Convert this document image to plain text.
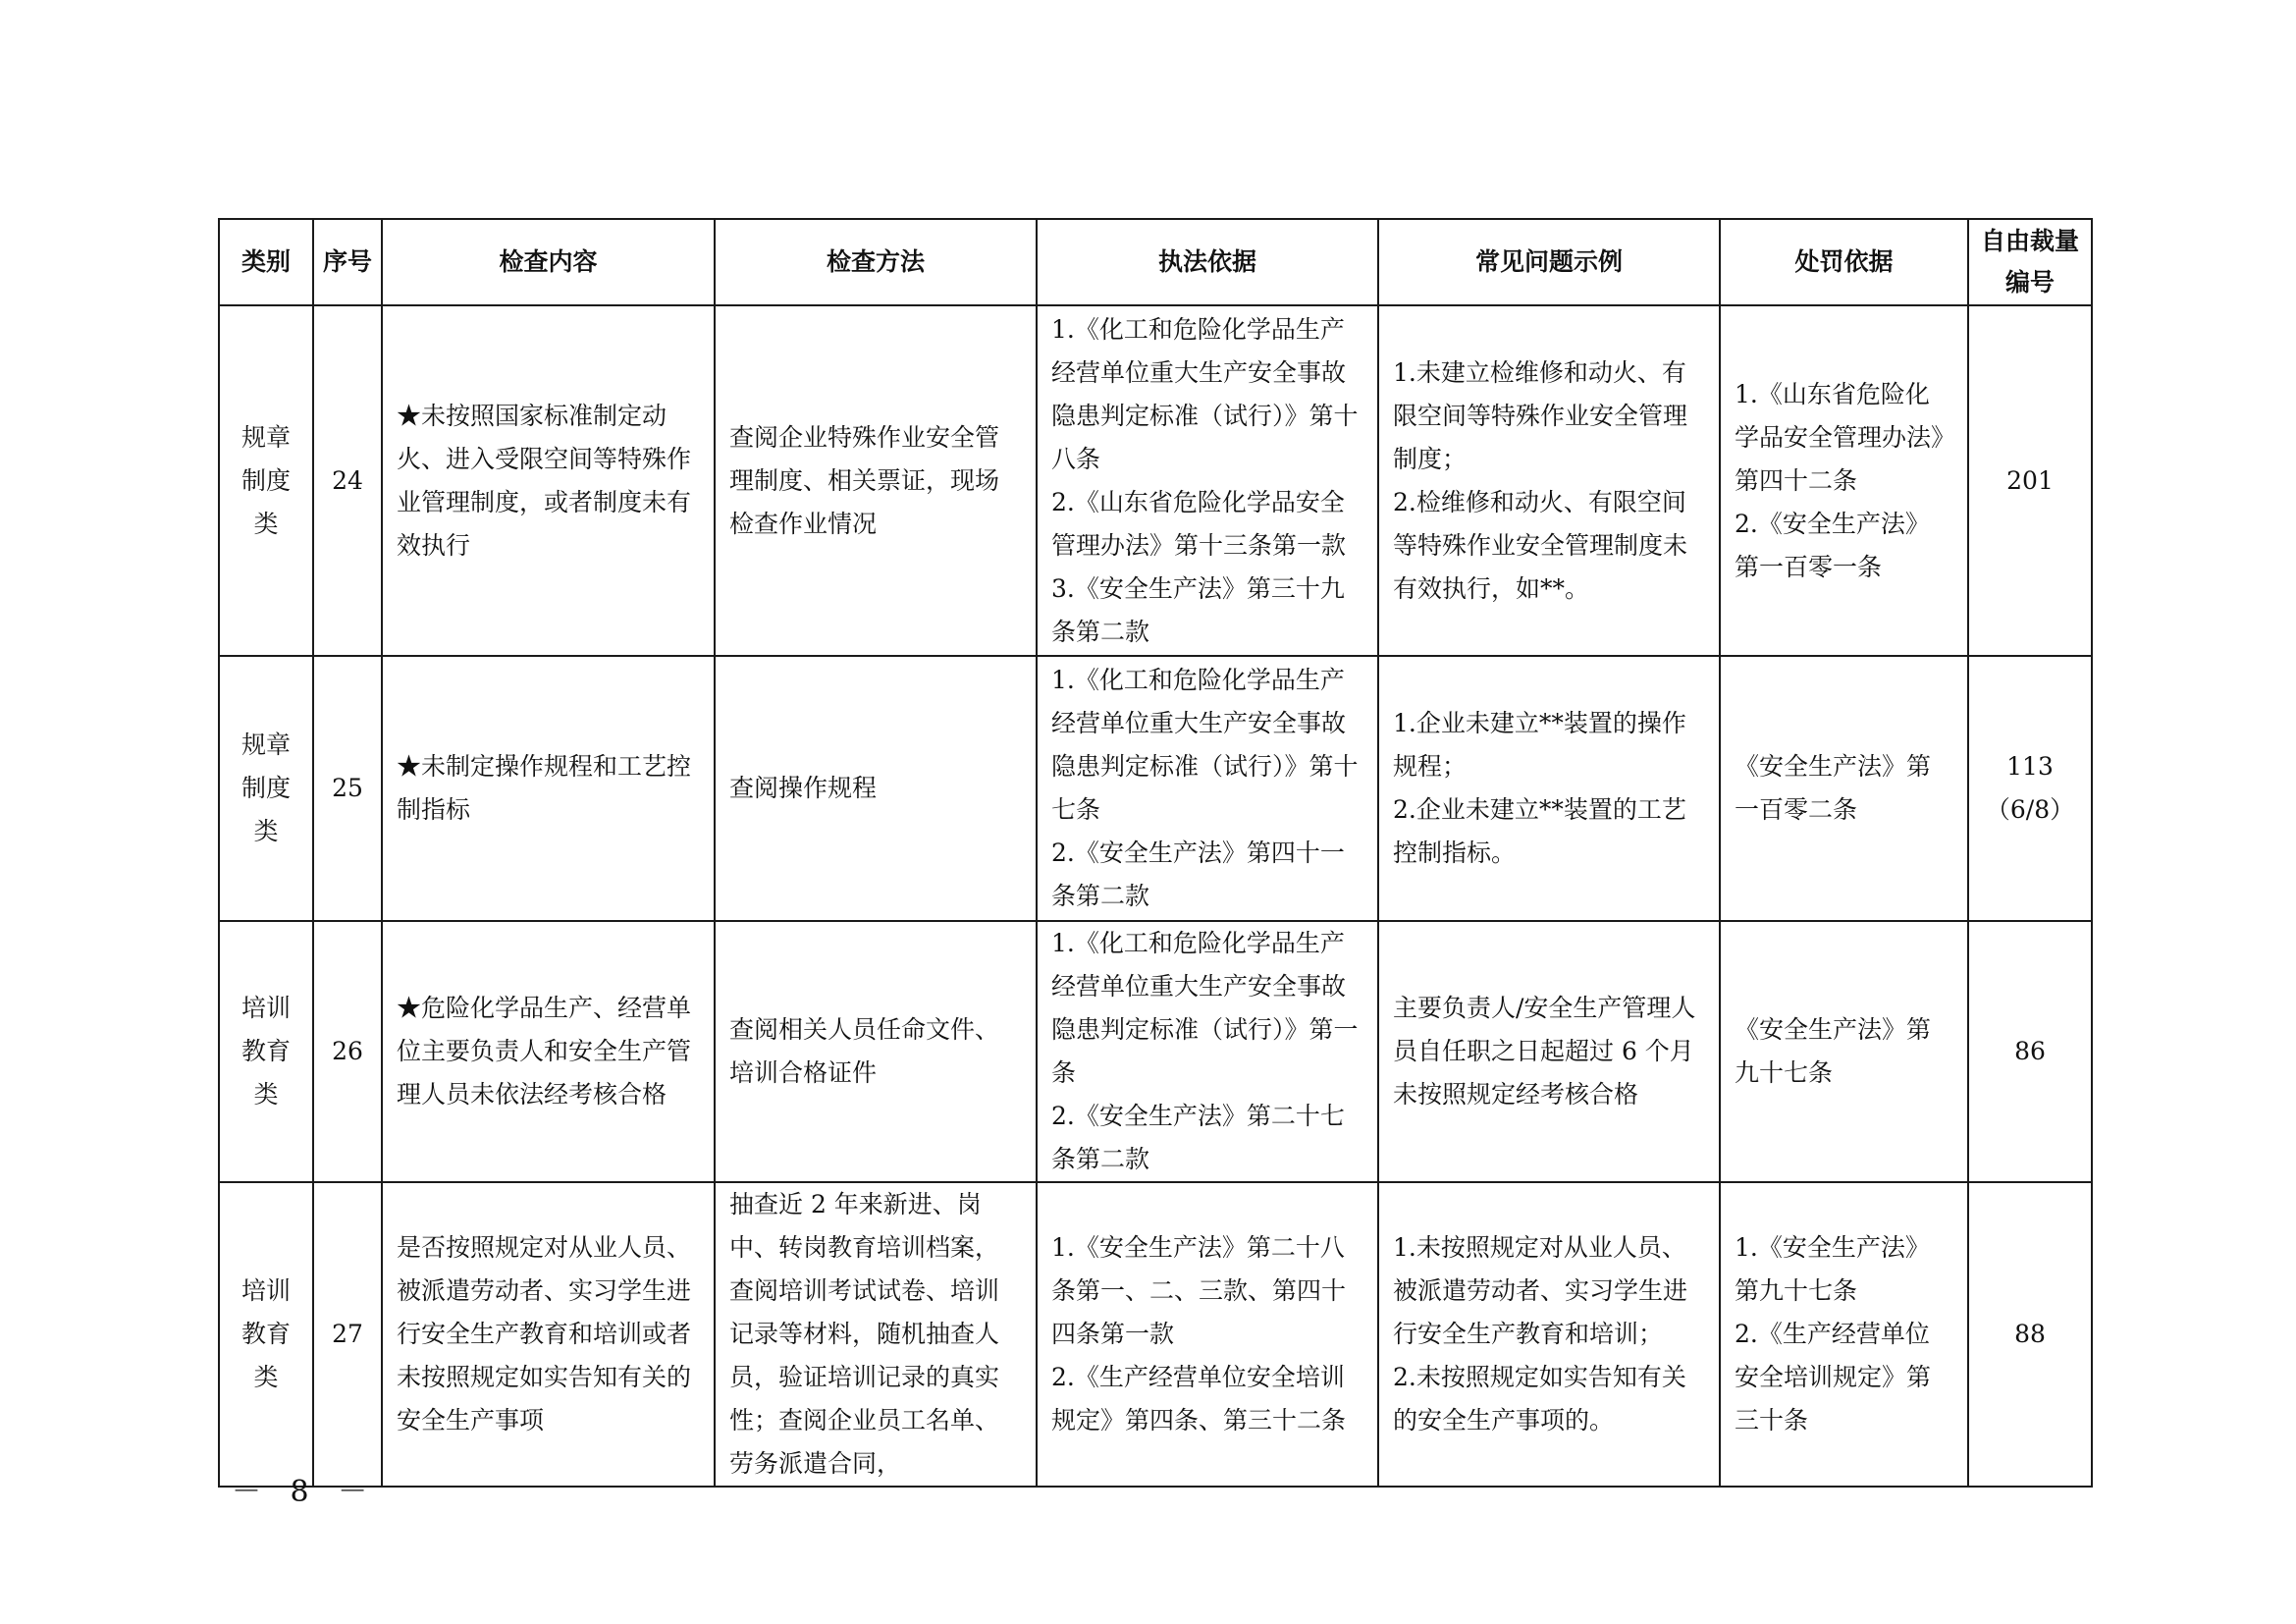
类别	序号	检查内容	检查方法	执法依据	常见问题示例	处罚依据	自由裁量编号
规章制度类	24	★未按照国家标准制定动火、进入受限空间等特殊作业管理制度，或者制度未有效执行	查阅企业特殊作业安全管理制度、相关票证，现场检查作业情况	1.《化工和危险化学品生产经营单位重大生产安全事故隐患判定标准（试行）》第十八条
2.《山东省危险化学品安全管理办法》第十三条第一款
3.《安全生产法》第三十九条第二款	1.未建立检维修和动火、有限空间等特殊作业安全管理制度；
2.检维修和动火、有限空间等特殊作业安全管理制度未有效执行，如**。	1.《山东省危险化学品安全管理办法》第四十二条
2.《安全生产法》第一百零一条	201

规章制度类	25	★未制定操作规程和工艺控制指标	查阅操作规程	1.《化工和危险化学品生产经营单位重大生产安全事故隐患判定标准（试行）》第十七条
2.《安全生产法》第四十一条第二款	1.企业未建立**装置的操作规程；
2.企业未建立**装置的工艺控制指标。	《安全生产法》第一百零二条	113
（6/8）

培训教育类	26	★危险化学品生产、经营单位主要负责人和安全生产管理人员未依法经考核合格	查阅相关人员任命文件、培训合格证件	1.《化工和危险化学品生产经营单位重大生产安全事故隐患判定标准（试行）》第一条
2.《安全生产法》第二十七条第二款	主要负责人/安全生产管理人员自任职之日起超过 6 个月未按照规定经考核合格	《安全生产法》第九十七条	86

培训教育类	27	是否按照规定对从业人员、被派遣劳动者、实习学生进行安全生产教育和培训或者未按照规定如实告知有关的安全生产事项	抽查近 2 年来新进、岗中、转岗教育培训档案，查阅培训考试试卷、培训记录等材料，随机抽查人员，验证培训记录的真实性；查阅企业员工名单、劳务派遣合同，	1.《安全生产法》第二十八条第一、二、三款、第四十四条第一款
2.《生产经营单位安全培训规定》第四条、第三十二条	1.未按照规定对从业人员、被派遣劳动者、实习学生进行安全生产教育和培训；
2.未按照规定如实告知有关的安全生产事项的。	1.《安全生产法》第九十七条
2.《生产经营单位安全培训规定》第三十条	88
－ 8 －
